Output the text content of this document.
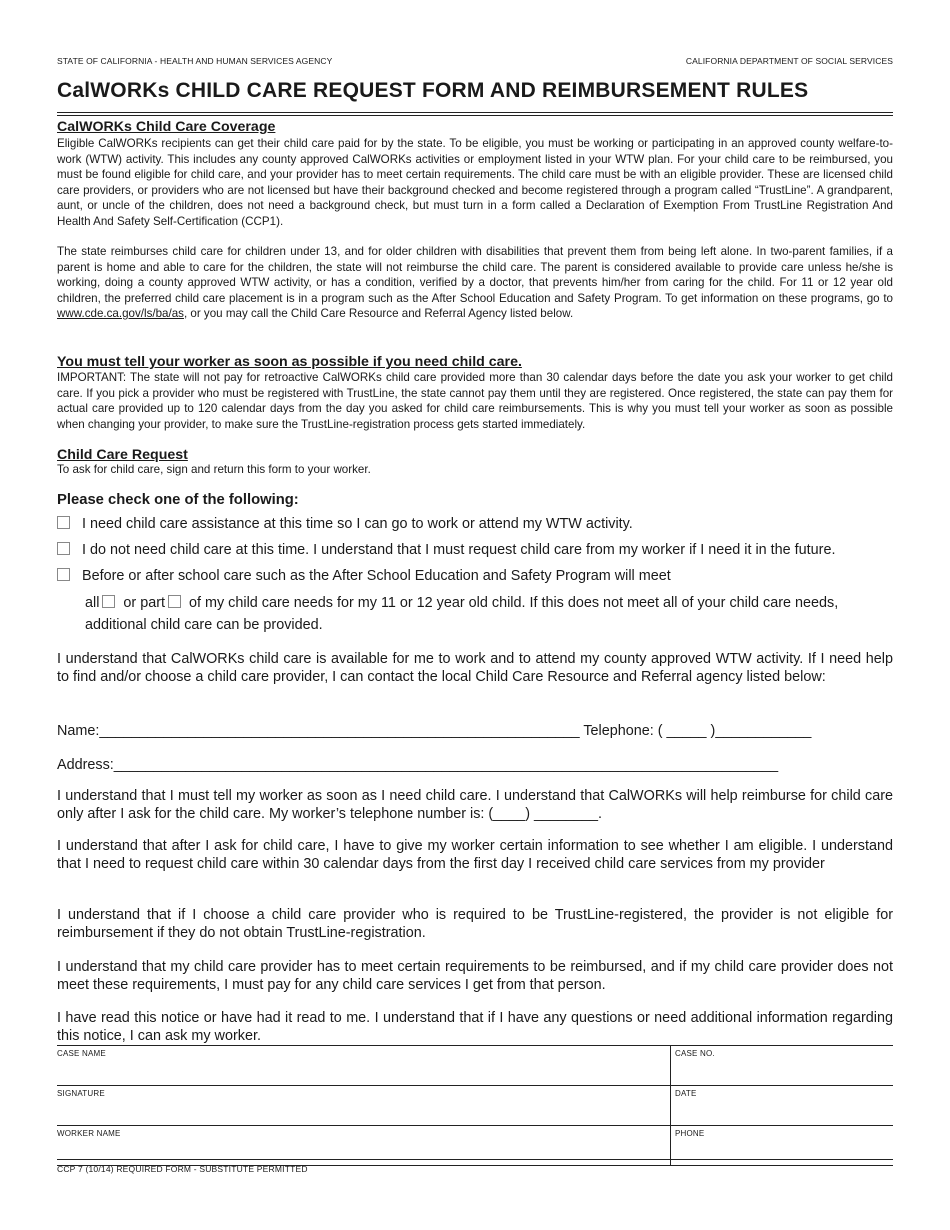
STATE OF CALIFORNIA - HEALTH AND HUMAN SERVICES AGENCY	CALIFORNIA DEPARTMENT OF SOCIAL SERVICES
CalWORKs CHILD CARE REQUEST FORM AND REIMBURSEMENT RULES
CalWORKs Child Care Coverage

Eligible CalWORKs recipients can get their child care paid for by the state. To be eligible, you must be working or participating in an approved county welfare-to-work (WTW) activity. This includes any county approved CalWORKs activities or employment listed in your WTW plan. For your child care to be reimbursed, you must be found eligible for child care, and your provider has to meet certain requirements. The child care must be with an eligible provider. These are licensed child care providers, or providers who are not licensed but have their background checked and become registered through a program called “TrustLine”. A grandparent, aunt, or uncle of the children, does not need a background check, but must turn in a form called a Declaration of Exemption From TrustLine Registration And Health And Safety Self-Certification (CCP1).

The state reimburses child care for children under 13, and for older children with disabilities that prevent them from being left alone. In two-parent families, if a parent is home and able to care for the children, the state will not reimburse the child care. The parent is considered available to provide care unless he/she is working, doing a county approved WTW activity, or has a condition, verified by a doctor, that prevents him/her from caring for the child. For 11 or 12 year old children, the preferred child care placement is in a program such as the After School Education and Safety Program. To get information on these programs, go to www.cde.ca.gov/ls/ba/as, or you may call the Child Care Resource and Referral Agency listed below.

You must tell your worker as soon as possible if you need child care.

IMPORTANT: The state will not pay for retroactive CalWORKs child care provided more than 30 calendar days before the date you ask your worker to get child care. If you pick a provider who must be registered with TrustLine, the state cannot pay them until they are registered. Once registered, the state can pay them for actual care provided up to 120 calendar days from the day you asked for child care reimbursements. This is why you must tell your worker as soon as possible when changing your provider, to make sure the TrustLine-registration process gets started immediately.

Child Care Request

To ask for child care, sign and return this form to your worker.

Please check one of the following:
I need child care assistance at this time so I can go to work or attend my WTW activity.
I do not need child care at this time. I understand that I must request child care from my worker if I need it in the future.
Before or after school care such as the After School Education and Safety Program will meet
all or part of my child care needs for my 11 or 12 year old child. If this does not meet all of your child care needs, additional child care can be provided.

I understand that CalWORKs child care is available for me to work and to attend my county approved WTW activity. If I need help to find and/or choose a child care provider, I can contact the local Child Care Resource and Referral agency listed below:

Name:____________________________________________________________ Telephone: ( _____ )____________
Address:___________________________________________________________________________________

I understand that I must tell my worker as soon as I need child care. I understand that CalWORKs will help reimburse for child care only after I ask for the child care. My worker’s telephone number is: (____) ________.

I understand that after I ask for child care, I have to give my worker certain information to see whether I am eligible. I understand that I need to request child care within 30 calendar days from the first day I received child care services from my provider

I understand that if I choose a child care provider who is required to be TrustLine-registered, the provider is not eligible for reimbursement if they do not obtain TrustLine-registration.

I understand that my child care provider has to meet certain requirements to be reimbursed, and if my child care provider does not meet these requirements, I must pay for any child care services I get from that person.

I have read this notice or have had it read to me. I understand that if I have any questions or need additional information regarding this notice, I can ask my worker.

CASE NAME	CASE NO.
SIGNATURE	DATE
WORKER NAME	PHONE
CCP 7 (10/14) REQUIRED FORM - SUBSTITUTE PERMITTED
